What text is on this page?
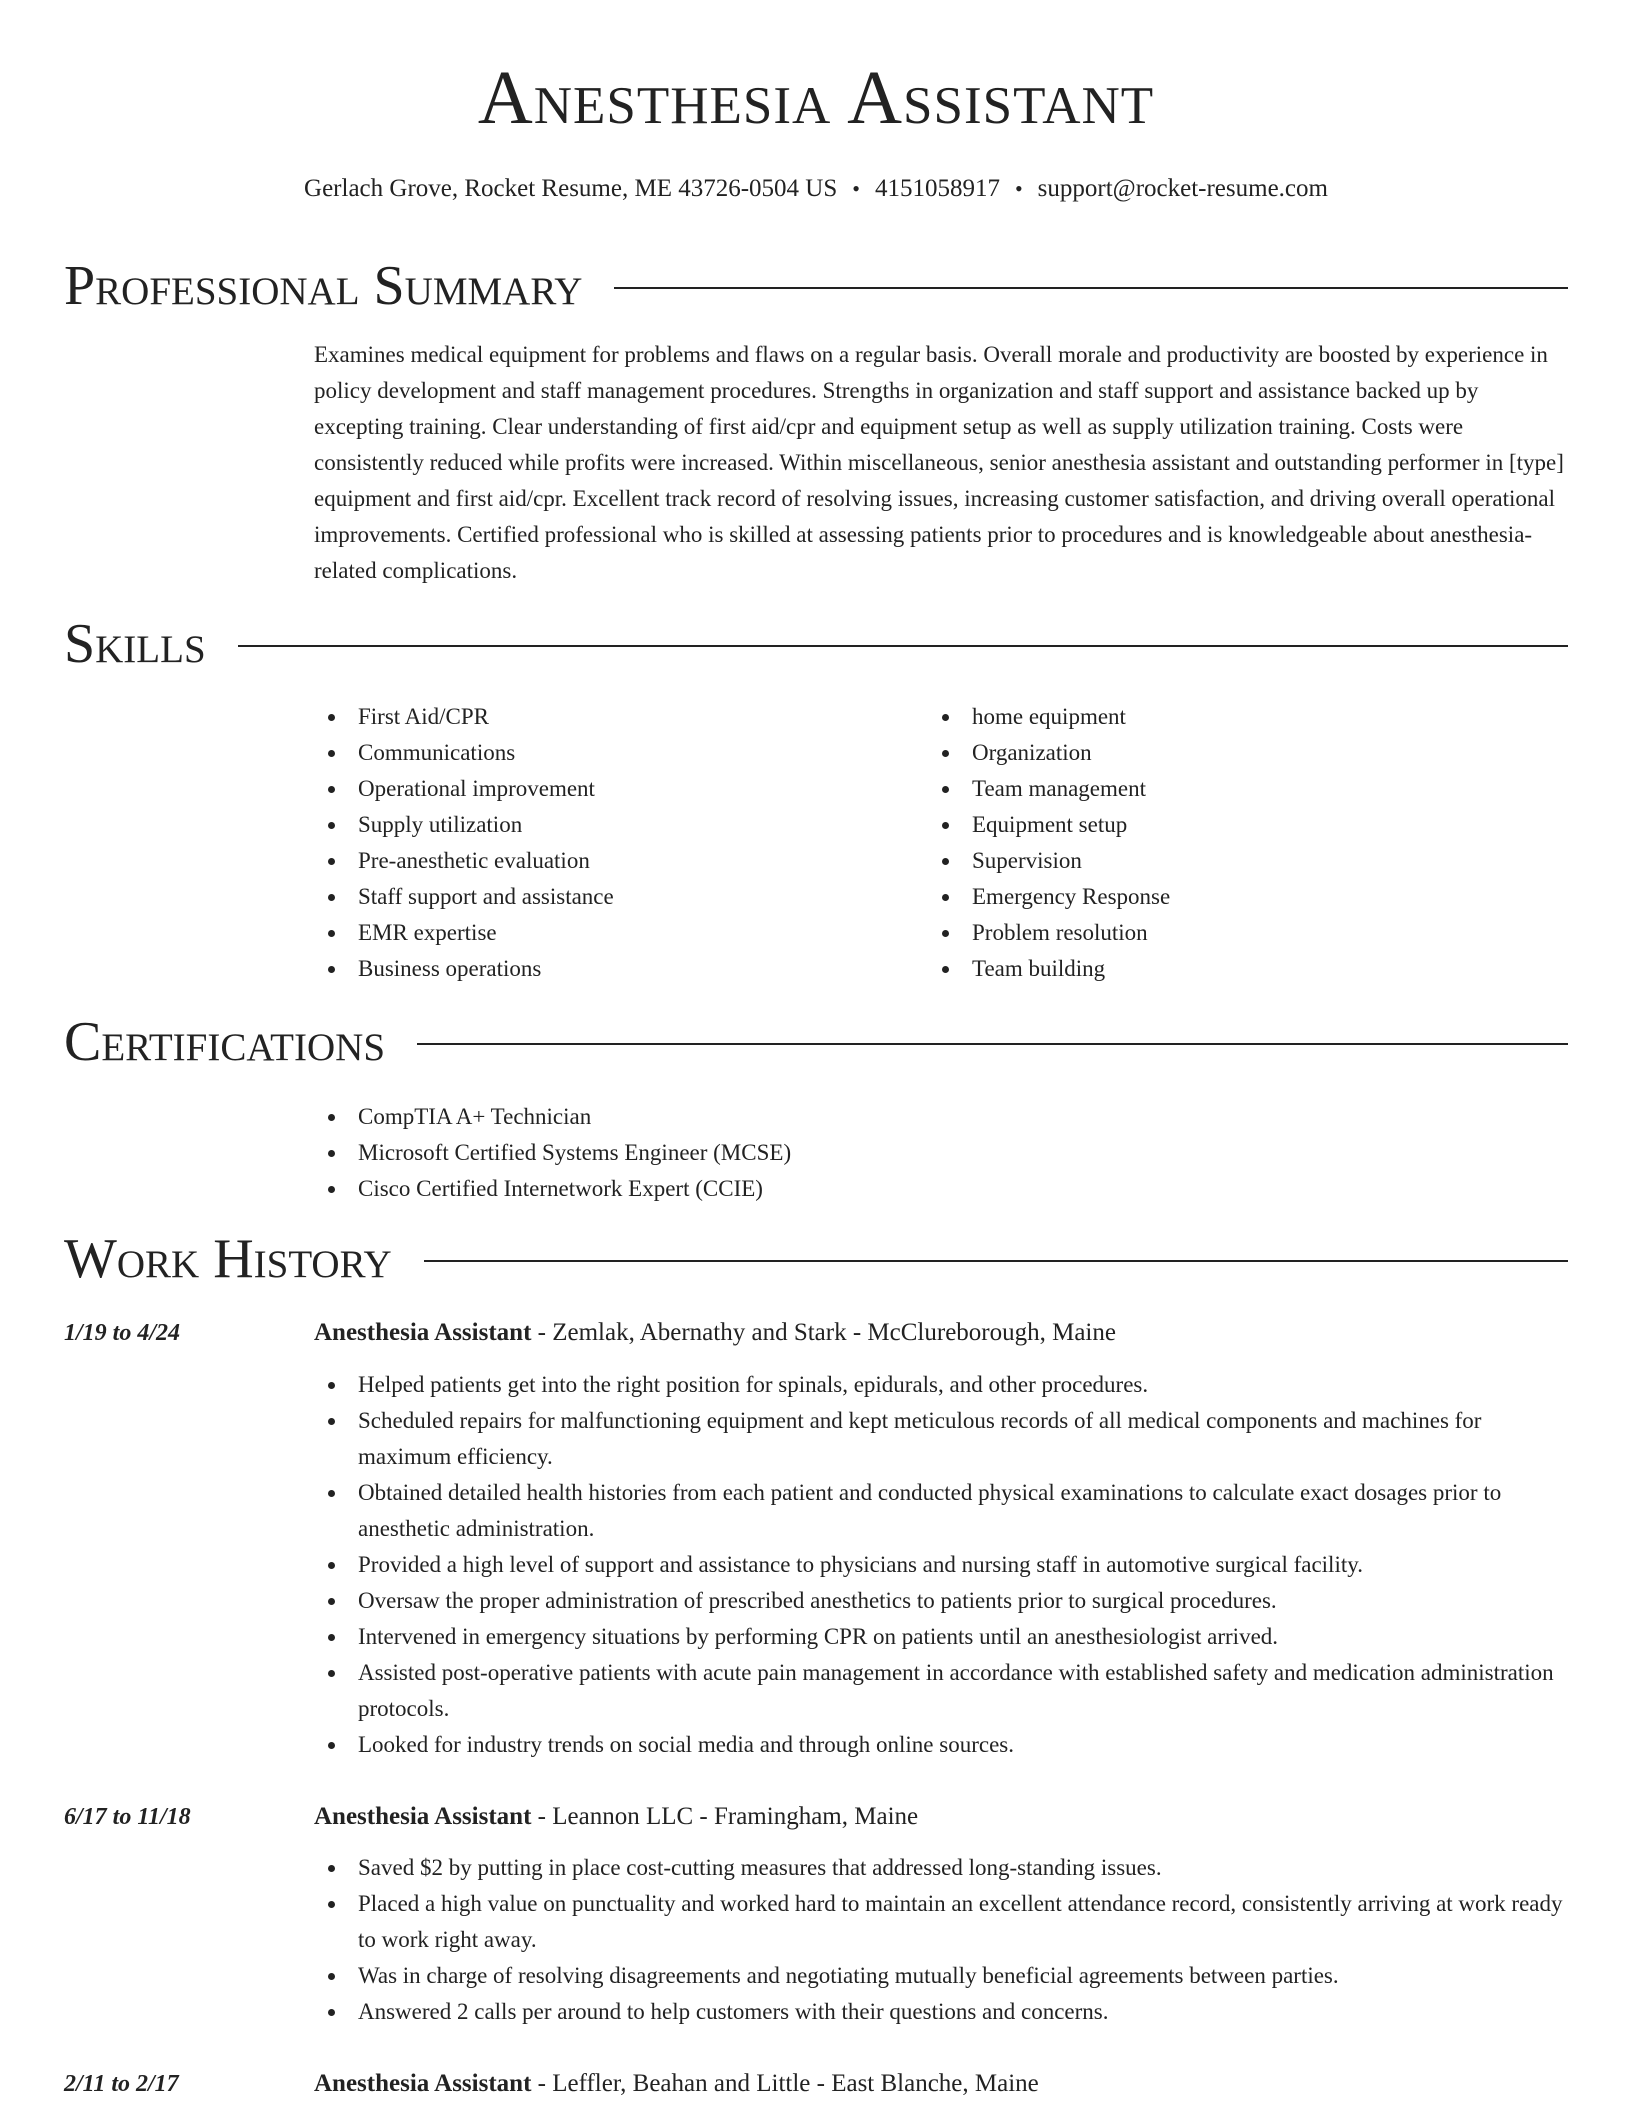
Anesthesia Assistant
Gerlach Grove, Rocket Resume, ME 43726-0504 US • 4151058917 • support@rocket-resume.com
Professional Summary

Examines medical equipment for problems and flaws on a regular basis. Overall morale and productivity are boosted by experience in policy development and staff management procedures. Strengths in organization and staff support and assistance backed up by excepting training. Clear understanding of first aid/cpr and equipment setup as well as supply utilization training. Costs were consistently reduced while profits were increased. Within miscellaneous, senior anesthesia assistant and outstanding performer in [type] equipment and first aid/cpr. Excellent track record of resolving issues, increasing customer satisfaction, and driving overall operational improvements. Certified professional who is skilled at assessing patients prior to procedures and is knowledgeable about anesthesia-related complications.

Skills
First Aid/CPR
Communications
Operational improvement
Supply utilization
Pre-anesthetic evaluation
Staff support and assistance
EMR expertise
Business operations
home equipment
Organization
Team management
Equipment setup
Supervision
Emergency Response
Problem resolution
Team building
Certifications
CompTIA A+ Technician
Microsoft Certified Systems Engineer (MCSE)
Cisco Certified Internetwork Expert (CCIE)
Work History
1/19 to 4/24	Anesthesia Assistant - Zemlak, Abernathy and Stark - McClureborough, Maine
Helped patients get into the right position for spinals, epidurals, and other procedures.
Scheduled repairs for malfunctioning equipment and kept meticulous records of all medical components and machines for maximum efficiency.
Obtained detailed health histories from each patient and conducted physical examinations to calculate exact dosages prior to anesthetic administration.
Provided a high level of support and assistance to physicians and nursing staff in automotive surgical facility.
Oversaw the proper administration of prescribed anesthetics to patients prior to surgical procedures.
Intervened in emergency situations by performing CPR on patients until an anesthesiologist arrived.
Assisted post-operative patients with acute pain management in accordance with established safety and medication administration protocols.
Looked for industry trends on social media and through online sources.
6/17 to 11/18	Anesthesia Assistant - Leannon LLC - Framingham, Maine
Saved $2 by putting in place cost-cutting measures that addressed long-standing issues.
Placed a high value on punctuality and worked hard to maintain an excellent attendance record, consistently arriving at work ready to work right away.
Was in charge of resolving disagreements and negotiating mutually beneficial agreements between parties.
Answered 2 calls per around to help customers with their questions and concerns.
2/11 to 2/17	Anesthesia Assistant - Leffler, Beahan and Little - East Blanche, Maine
